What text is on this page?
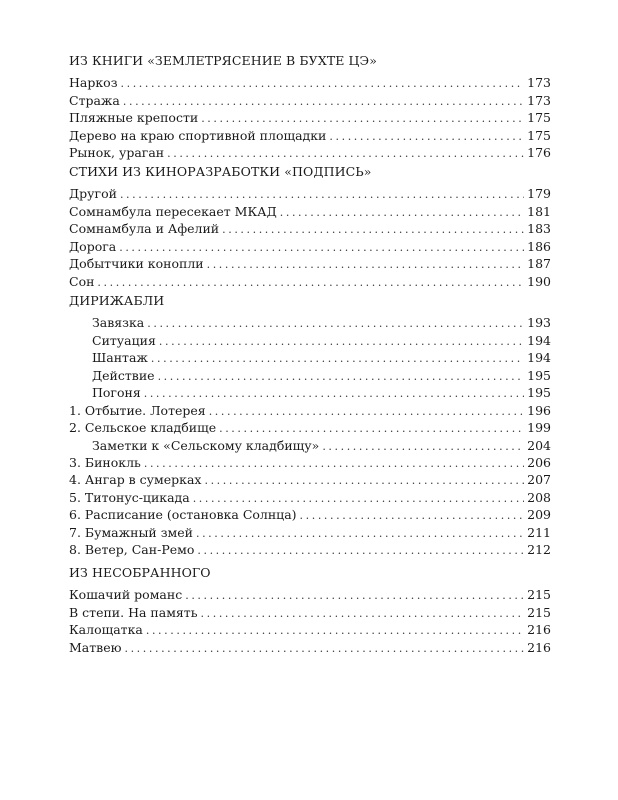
ИЗ КНИГИ «ЗЕМЛЕТРЯСЕНИЕ В БУХТЕ ЦЭ»
Наркоз .....	173
Стража .....	173
Пляжные крепости .....	175
Дерево на краю спортивной площадки .....	175
Рынок, ураган .....	176
СТИХИ ИЗ КИНОРАЗРАБОТКИ «ПОДПИСЬ»
Другой .....	179
Сомнамбула пересекает МКАД .....	181
Сомнамбула и Афелий .....	183
Дорога .....	186
Добытчики конопли .....	187
Сон .....	190
ДИРИЖАБЛИ
Завязка .....	193
Ситуация .....	194
Шантаж .....	194
Действие .....	195
Погоня .....	195
1. Отбытие. Лотерея .....	196
2. Сельское кладбище .....	199
Заметки к «Сельскому кладбищу» .....	204
3. Бинокль .....	206
4. Ангар в сумерках .....	207
5. Титонус-цикада .....	208
6. Расписание (остановка Солнца) .....	209
7. Бумажный змей .....	211
8. Ветер, Сан-Ремо .....	212
ИЗ НЕСОБРАННОГО
Кошачий романс .....	215
В степи. На память .....	215
Калощатка .....	216
Матвею .....	216
